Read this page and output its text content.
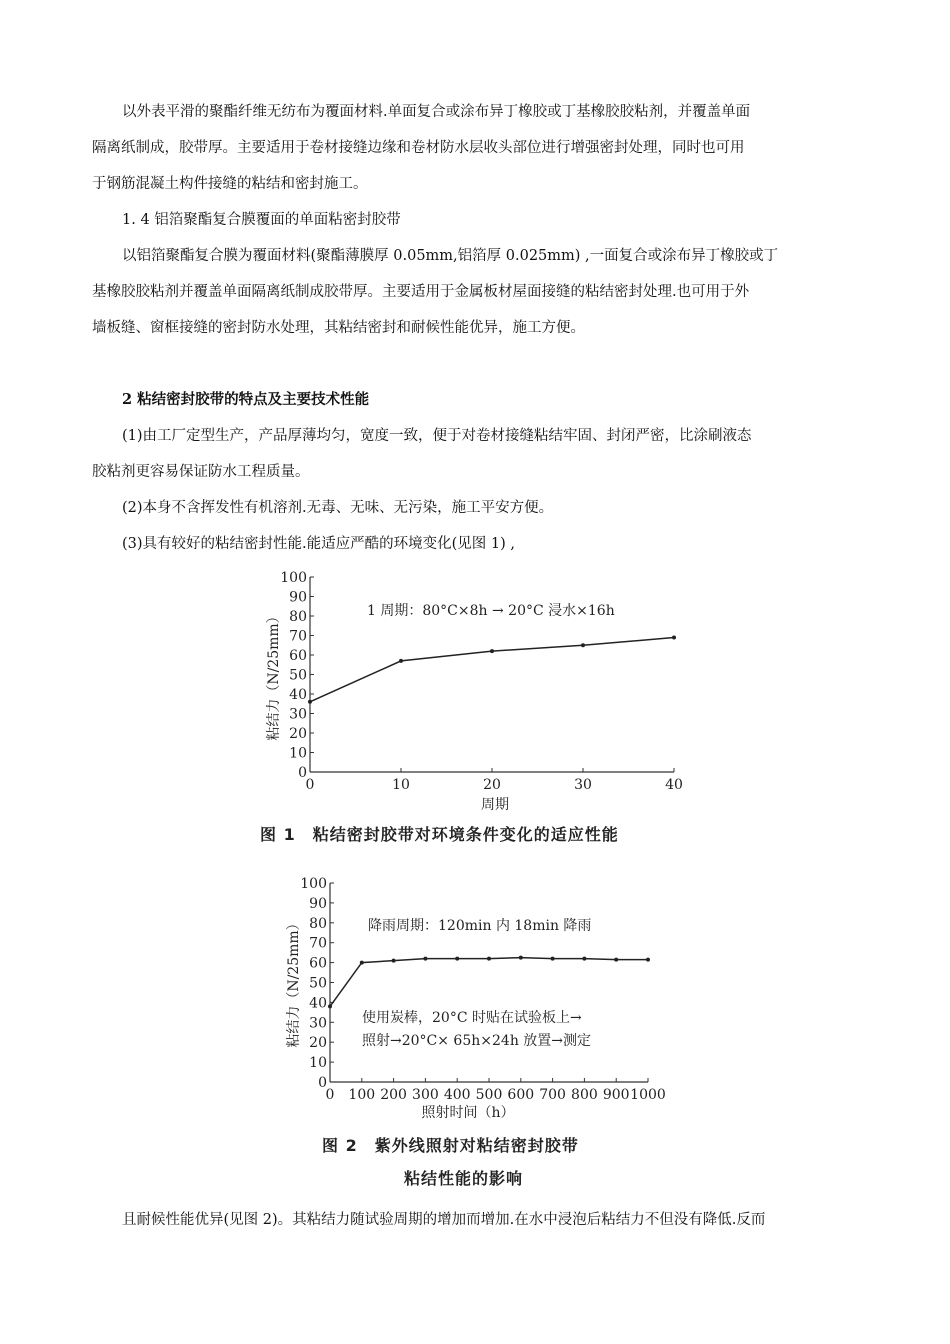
以外表平滑的聚酯纤维无纺布为覆面材料.单面复合或涂布异丁橡胶或丁基橡胶胶粘剂，并覆盖单面
隔离纸制成，胶带厚。主要适用于卷材接缝边缘和卷材防水层收头部位进行增强密封处理，同时也可用
于钢筋混凝土构件接缝的粘结和密封施工。
1. 4 铝箔聚酯复合膜覆面的单面粘密封胶带
以铝箔聚酯复合膜为覆面材料(聚酯薄膜厚 0.05mm,铝箔厚 0.025mm) ,一面复合或涂布异丁橡胶或丁
基橡胶胶粘剂并覆盖单面隔离纸制成胶带厚。主要适用于金属板材屋面接缝的粘结密封处理.也可用于外
墙板缝、窗框接缝的密封防水处理，其粘结密封和耐候性能优异，施工方便。
2 粘结密封胶带的特点及主要技术性能
(1)由工厂定型生产，产品厚薄均匀，宽度一致，便于对卷材接缝粘结牢固、封闭严密，比涂刷液态
胶粘剂更容易保证防水工程质量。
(2)本身不含挥发性有机溶剂.无毒、无味、无污染，施工平安方便。
(3)具有较好的粘结密封性能.能适应严酷的环境变化(见图 1) ,
0
10
20
30
40
50
60
70
80
90
100
0	10	20	30	40
1 周期：80°C×8h → 20°C 浸水×16h
周期
粘结力（N/25mm）
图 1　粘结密封胶带对环境条件变化的适应性能
0
10
20
30
40
50
60
70
80
90
100
0 100 200 300 400 500 600 700 800 900 1000
降雨周期：120min 内 18min 降雨
使用炭棒，20°C 时贴在试验板上→
照射→20°C× 65h×24h 放置→测定
照射时间（h）
粘结力（N/25mm）
图 2　紫外线照射对粘结密封胶带
粘结性能的影响
且耐候性能优异(见图 2)。其粘结力随试验周期的增加而增加.在水中浸泡后粘结力不但没有降低.反而
